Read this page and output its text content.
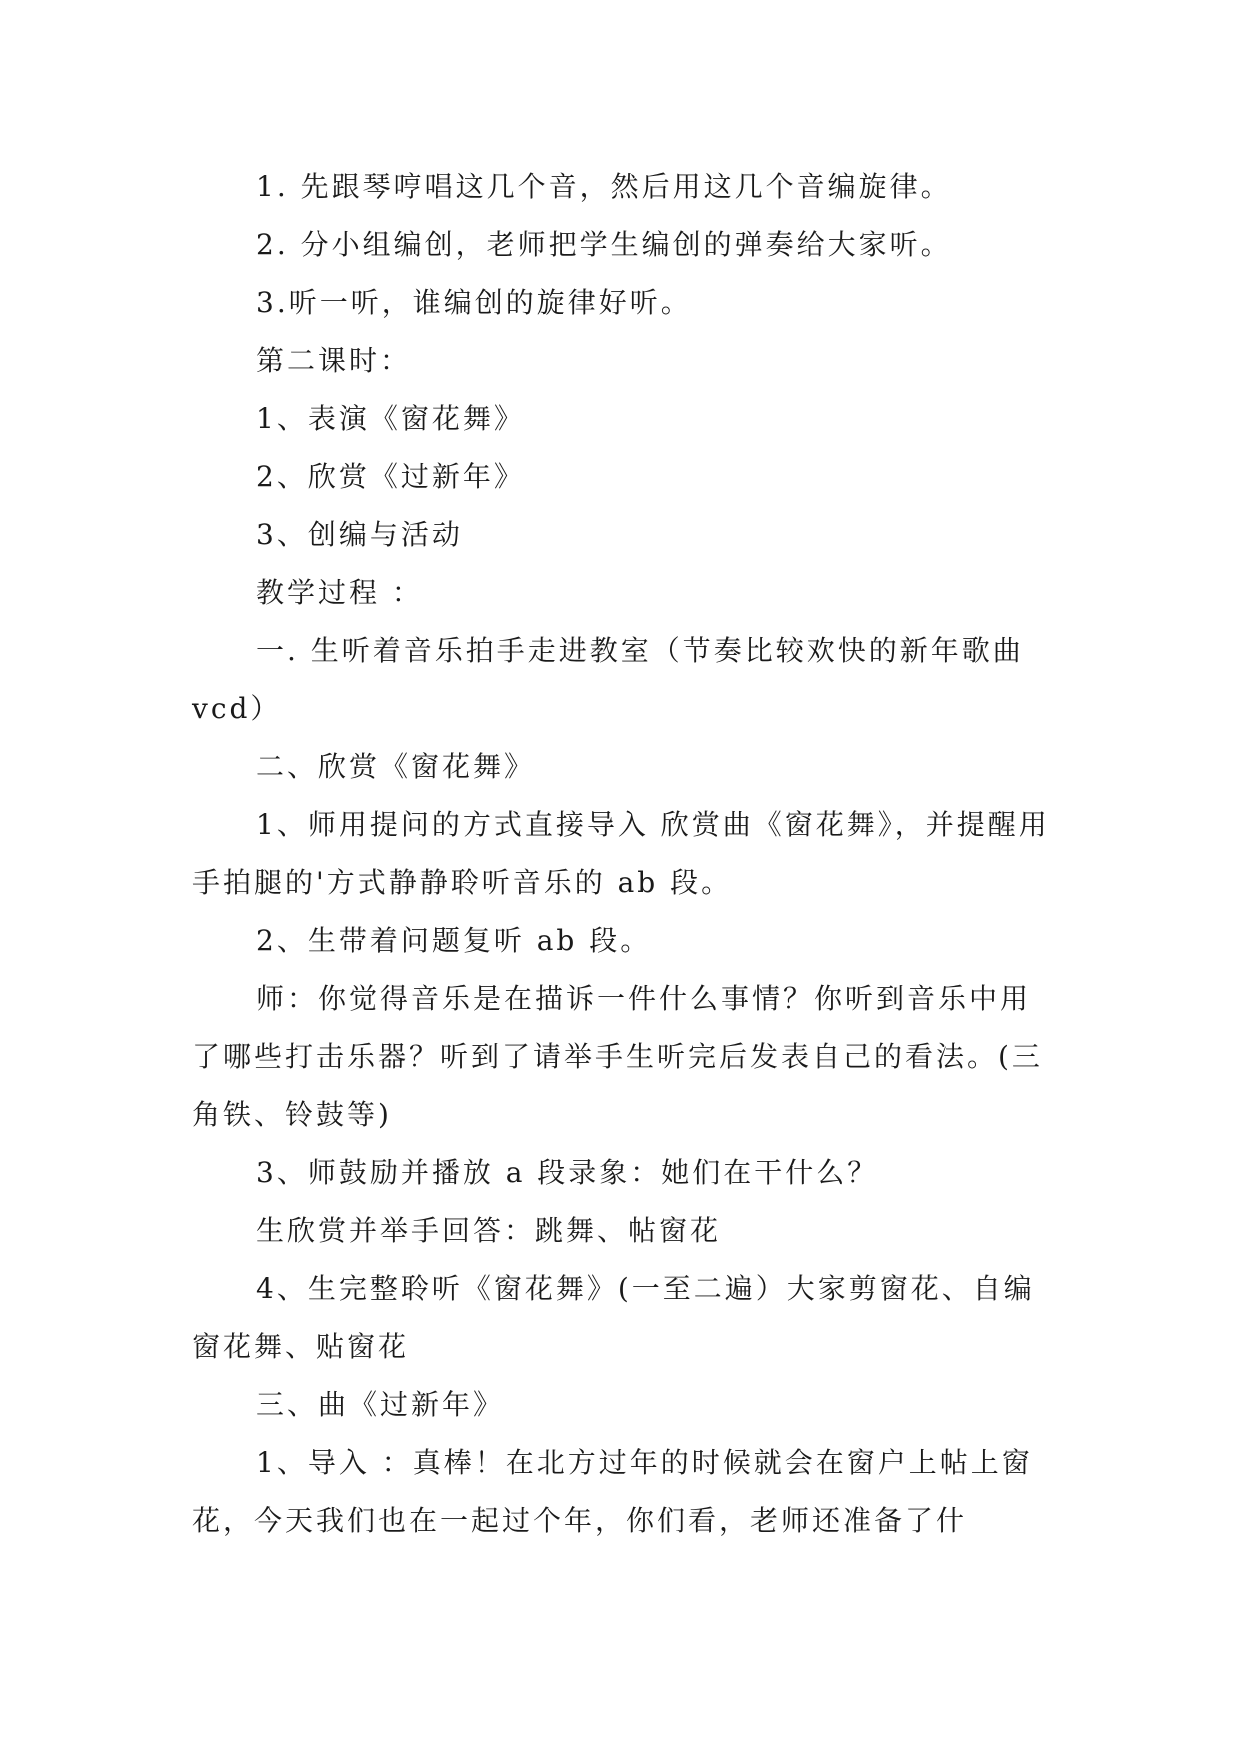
1. 先跟琴哼唱这几个音，然后用这几个音编旋律。

2. 分小组编创，老师把学生编创的弹奏给大家听。

3.听一听，谁编创的旋律好听。

第二课时：

1、表演《窗花舞》

2、欣赏《过新年》

3、创编与活动

教学过程 ：

一. 生听着音乐拍手走进教室（节奏比较欢快的新年歌曲 vcd）

二、欣赏《窗花舞》

1、师用提问的方式直接导入 欣赏曲《窗花舞》，并提醒用手拍腿的'方式静静聆听音乐的 ab 段。

2、生带着问题复听 ab 段。

师：你觉得音乐是在描诉一件什么事情？你听到音乐中用了哪些打击乐器？听到了请举手生听完后发表自己的看法。(三角铁、铃鼓等)

3、师鼓励并播放 a 段录象：她们在干什么？

生欣赏并举手回答：跳舞、帖窗花

4、生完整聆听《窗花舞》(一至二遍）大家剪窗花、自编窗花舞、贴窗花

三、曲《过新年》

1、导入 ：真棒！在北方过年的时候就会在窗户上帖上窗花，今天我们也在一起过个年，你们看，老师还准备了什
